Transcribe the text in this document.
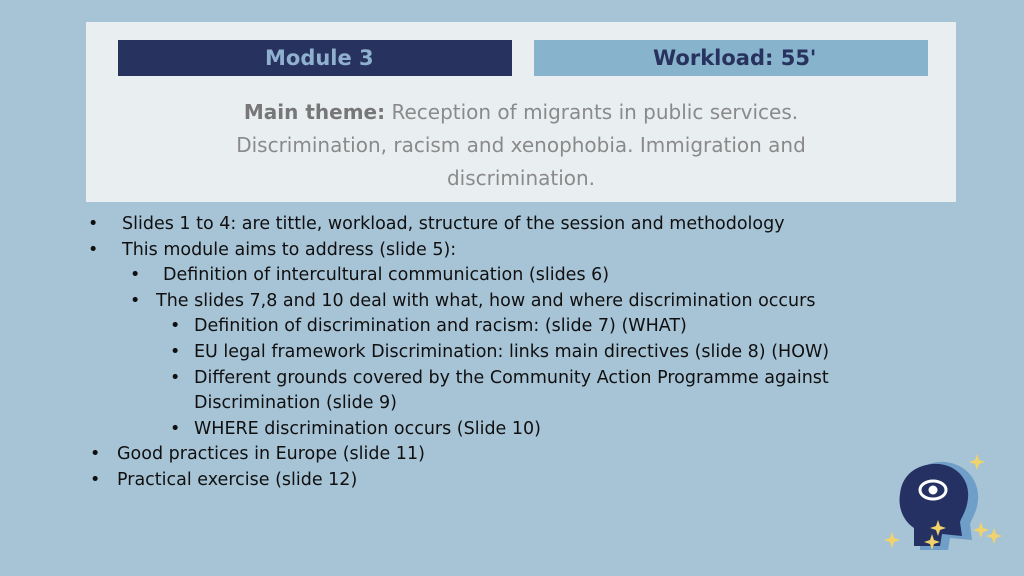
Module 3	Workload: 55'
Main theme: Reception of migrants in public services.
Discrimination, racism and xenophobia. Immigration and
discrimination.
• Slides 1 to 4: are tittle, workload, structure of the session and methodology
• This module aims to address (slide 5):
• Definition of intercultural communication (slides 6)
• The slides 7,8 and 10 deal with what, how and where discrimination occurs
• Definition of discrimination and racism: (slide 7) (WHAT)
• EU legal framework Discrimination: links main directives (slide 8) (HOW)
• Different grounds covered by the Community Action Programme against
Discrimination (slide 9)
• WHERE discrimination occurs (Slide 10)
• Good practices in Europe (slide 11)
• Practical exercise (slide 12)
